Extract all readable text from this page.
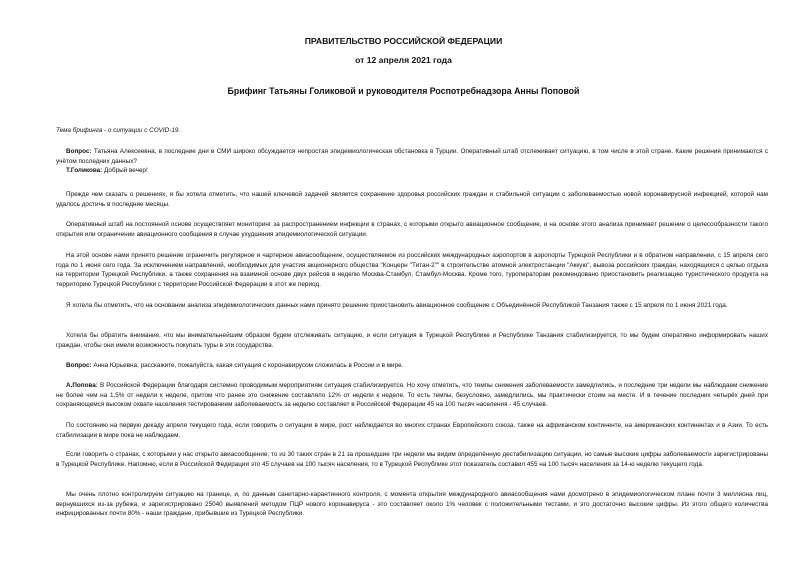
ПРАВИТЕЛЬСТВО РОССИЙСКОЙ ФЕДЕРАЦИИ
от 12 апреля 2021 года
Брифинг Татьяны Голиковой и руководителя Роспотребнадзора Анны Поповой
Тема брифинга - о ситуации с COVID-19.
Вопрос: Татьяна Алексеевна, в последние дни в СМИ широко обсуждается непростая эпидемиологическая обстановка в Турции. Оперативный штаб отслеживает ситуацию, в том числе в этой стране. Какие решения принимаются с учётом последних данных?
Т.Голикова: Добрый вечер!
Прежде чем сказать о решениях, я бы хотела отметить, что нашей ключевой задачей является сохранение здоровья российских граждан и стабильной ситуации с заболеваемостью новой коронавирусной инфекцией, которой нам удалось достичь в последние месяцы.
Оперативный штаб на постоянной основе осуществляет мониторинг за распространением инфекции в странах, с которыми открыто авиационное сообщение, и на основе этого анализа принимает решение о целесообразности такого открытия или ограничении авиационного сообщения в случае ухудшения эпидемиологической ситуации.
На этой основе нами принято решение ограничить регулярное и чартерное авиасообщение, осуществляемое из российских международных аэропортов в аэропорты Турецкой Республики и в обратном направлении, с 15 апреля сего года по 1 июня сего года. За исключением направлений, необходимых для участия акционерного общества "Концерн "Титан-2"" в строительстве атомной электростанции "Аккую", вывоза российских граждан, находящихся с целью отдыха на территории Турецкой Республики, а также сохранения на взаимной основе двух рейсов в неделю Москва-Стамбул, Стамбул-Москва. Кроме того, туроператорам рекомендовано приостановить реализацию туристического продукта на территорию Турецкой Республики с территории Российской Федерации в этот же период.
Я хотела бы отметить, что на основании анализа эпидемиологических данных нами принято решение приостановить авиационное сообщение с Объединённой Республикой Танзания также с 15 апреля по 1 июня 2021 года.
Хотела бы обратить внимание, что мы внимательнейшим образом будем отслеживать ситуацию, и если ситуация в Турецкой Республике и Республике Танзания стабилизируется, то мы будем оперативно информировать наших граждан, чтобы они имели возможность покупать туры в эти государства.
Вопрос: Анна Юрьевна, расскажите, пожалуйста, какая ситуация с коронавирусом сложилась в России и в мире.
А.Попова: В Российской Федерации благодаря системно проводимым мероприятиям ситуация стабилизируется. Но хочу отметить, что темпы снижения заболеваемости замедлились, и последние три недели мы наблюдаем снижение не более чем на 1,5% от недели к неделе, притом что ранее это снижение составляло 12% от недели к неделе. То есть темпы, безусловно, замедлились, мы практически стоим на месте. И в течение последних четырёх дней при сохраняющемся высоком охвате населения тестированием заболеваемость за неделю составляет в Российской Федерации 45 на 100 тысяч населения - 45 случаев.
По состоянию на первую декаду апреля текущего года, если говорить о ситуации в мире, рост наблюдается во многих странах Европейского союза, также на африканском континенте, на американских континентах и в Азии. То есть стабилизации в мире пока не наблюдаем.
Если говорить о странах, с которыми у нас открыто авиасообщение, то из 30 таких стран в 21 за прошедшие три недели мы видим определённую дестабилизацию ситуации, но самые высокие цифры заболеваемости зарегистрированы в Турецкой Республике. Напомню, если в Российской Федерации это 45 случаев на 100 тысяч населения, то в Турецкой Республике этот показатель составил 455 на 100 тысяч населения за 14-ю неделю текущего года.
Мы очень плотно контролируем ситуацию на границе, и, по данным санитарно-карантинного контроля, с момента открытия международного авиасообщения нами досмотрено в эпидемиологическом плане почти 3 миллиона лиц, вернувшихся из-за рубежа, и зарегистрировано 25040 выявлений методом ПЦР нового коронавируса - это составляет около 1% человек с положительными тестами, и это достаточно высокие цифры. Из этого общего количества инфицированных почти 80% - наши граждане, прибывшие из Турецкой Республики.
